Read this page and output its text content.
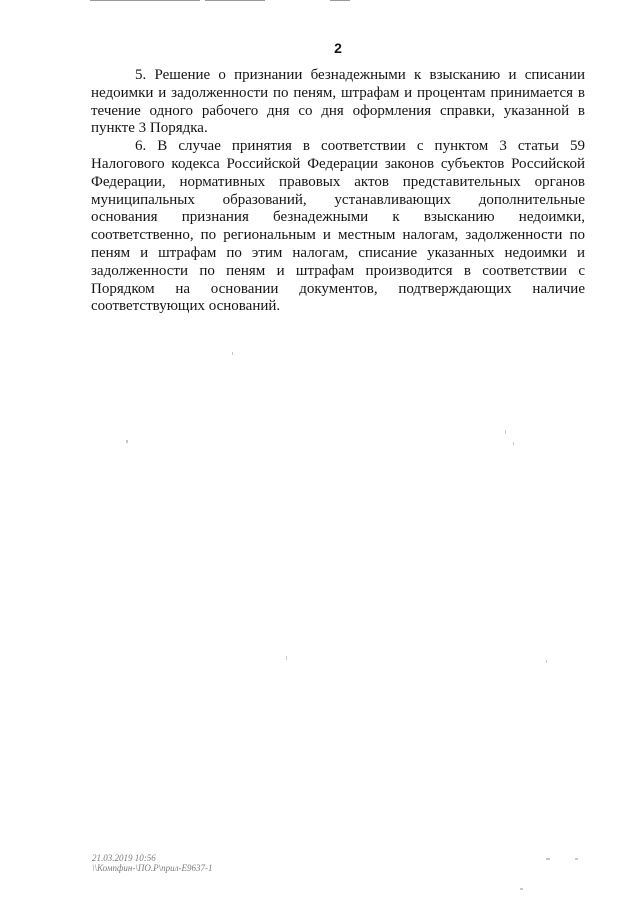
2

5. Решение о признании безнадежными к взысканию и списании
недоимки и задолженности по пеням, штрафам и процентам принимается в
течение одного рабочего дня со дня оформления справки, указанной в
пункте 3 Порядка.

6. В случае принятия в соответствии с пунктом 3 статьи 59
Налогового кодекса Российской Федерации законов субъектов Российской
Федерации, нормативных правовых актов представительных органов
муниципальных образований, устанавливающих дополнительные
основания признания безнадежными к взысканию недоимки,
соответственно, по региональным и местным налогам, задолженности по
пеням и штрафам по этим налогам, списание указанных недоимки и
задолженности по пеням и штрафам производится в соответствии с
Порядком на основании документов, подтверждающих наличие
соответствующих оснований.

21.03.2019 10:56
\\Компфин-\ПО.Р\прил-E9637-1
